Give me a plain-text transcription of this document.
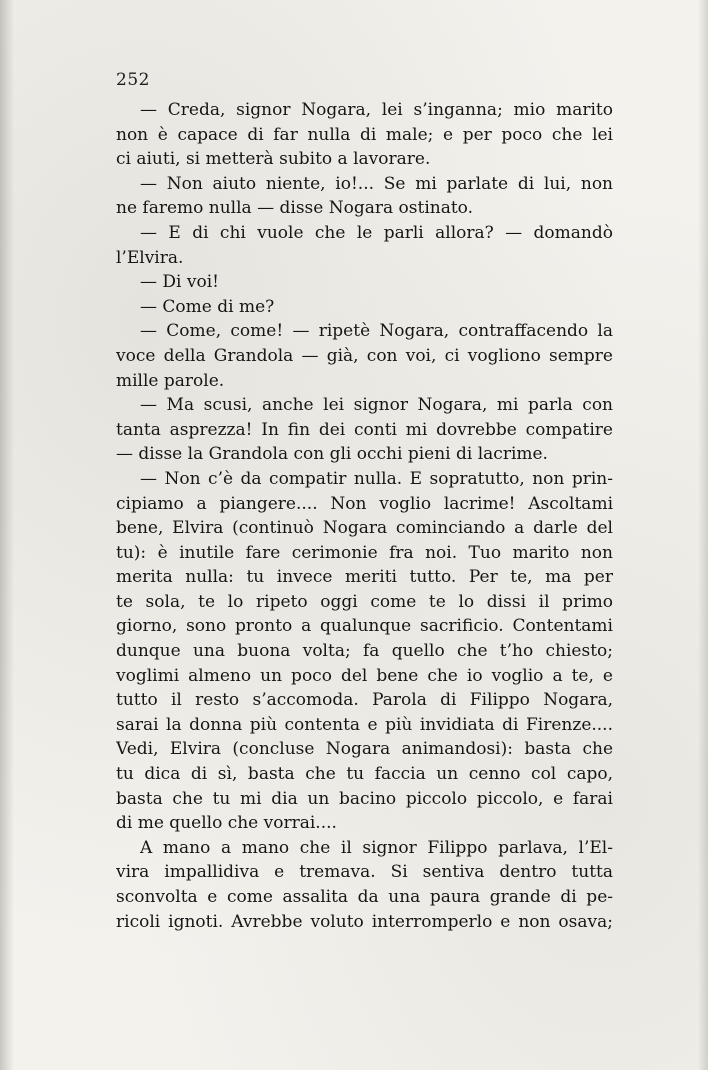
252
— Creda, signor Nogara, lei s’inganna; mio marito
non è capace di far nulla di male; e per poco che lei
ci aiuti, si metterà subito a lavorare.
— Non aiuto niente, io!... Se mi parlate di lui, non
ne faremo nulla — disse Nogara ostinato.
— E di chi vuole che le parli allora? — domandò
l’Elvira.
— Di voi!
— Come di me?
— Come, come! — ripetè Nogara, contraffacendo la
voce della Grandola — già, con voi, ci vogliono sempre
mille parole.
— Ma scusi, anche lei signor Nogara, mi parla con
tanta asprezza! In fin dei conti mi dovrebbe compatire
— disse la Grandola con gli occhi pieni di lacrime.
— Non c’è da compatir nulla. E sopratutto, non prin-
cipiamo a piangere.... Non voglio lacrime! Ascoltami
bene, Elvira (continuò Nogara cominciando a darle del
tu): è inutile fare cerimonie fra noi. Tuo marito non
merita nulla: tu invece meriti tutto. Per te, ma per
te sola, te lo ripeto oggi come te lo dissi il primo
giorno, sono pronto a qualunque sacrificio. Contentami
dunque una buona volta; fa quello che t’ho chiesto;
voglimi almeno un poco del bene che io voglio a te, e
tutto il resto s’accomoda. Parola di Filippo Nogara,
sarai la donna più contenta e più invidiata di Firenze....
Vedi, Elvira (concluse Nogara animandosi): basta che
tu dica di sì, basta che tu faccia un cenno col capo,
basta che tu mi dia un bacino piccolo piccolo, e farai
di me quello che vorrai....
A mano a mano che il signor Filippo parlava, l’El-
vira impallidiva e tremava. Si sentiva dentro tutta
sconvolta e come assalita da una paura grande di pe-
ricoli ignoti. Avrebbe voluto interromperlo e non osava;
